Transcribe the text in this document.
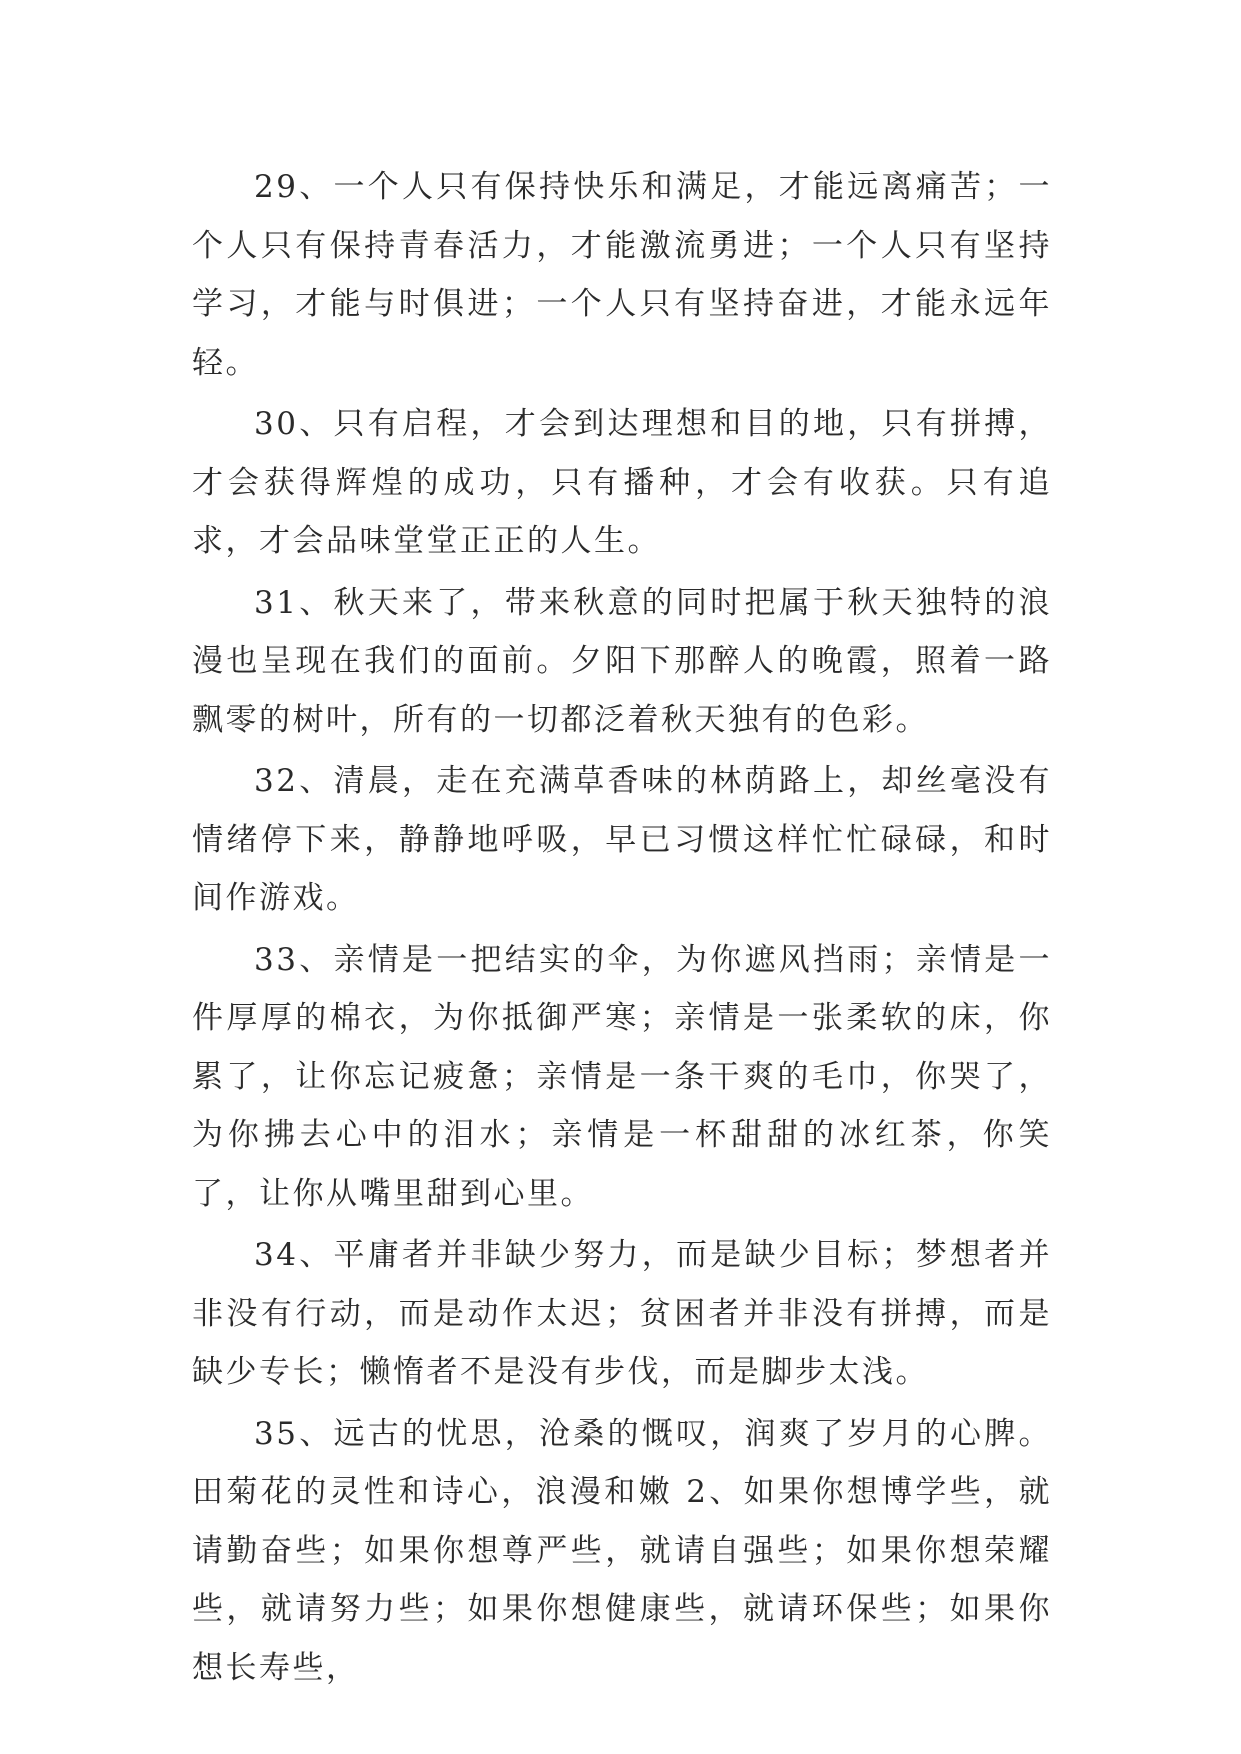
29、一个人只有保持快乐和满足，才能远离痛苦；一个人只有保持青春活力，才能激流勇进；一个人只有坚持学习，才能与时俱进；一个人只有坚持奋进，才能永远年轻。

30、只有启程，才会到达理想和目的地，只有拼搏，才会获得辉煌的成功，只有播种，才会有收获。只有追求，才会品味堂堂正正的人生。

31、秋天来了，带来秋意的同时把属于秋天独特的浪漫也呈现在我们的面前。夕阳下那醉人的晚霞，照着一路飘零的树叶，所有的一切都泛着秋天独有的色彩。

32、清晨，走在充满草香味的林荫路上，却丝毫没有情绪停下来，静静地呼吸，早已习惯这样忙忙碌碌，和时间作游戏。

33、亲情是一把结实的伞，为你遮风挡雨；亲情是一件厚厚的棉衣，为你抵御严寒；亲情是一张柔软的床，你累了，让你忘记疲惫；亲情是一条干爽的毛巾，你哭了，为你拂去心中的泪水；亲情是一杯甜甜的冰红茶，你笑了，让你从嘴里甜到心里。

34、平庸者并非缺少努力，而是缺少目标；梦想者并非没有行动，而是动作太迟；贫困者并非没有拼搏，而是缺少专长；懒惰者不是没有步伐，而是脚步太浅。

35、远古的忧思，沧桑的慨叹，润爽了岁月的心脾。田菊花的灵性和诗心，浪漫和嫩 2、如果你想博学些，就请勤奋些；如果你想尊严些，就请自强些；如果你想荣耀些，就请努力些；如果你想健康些，就请环保些；如果你想长寿些，
